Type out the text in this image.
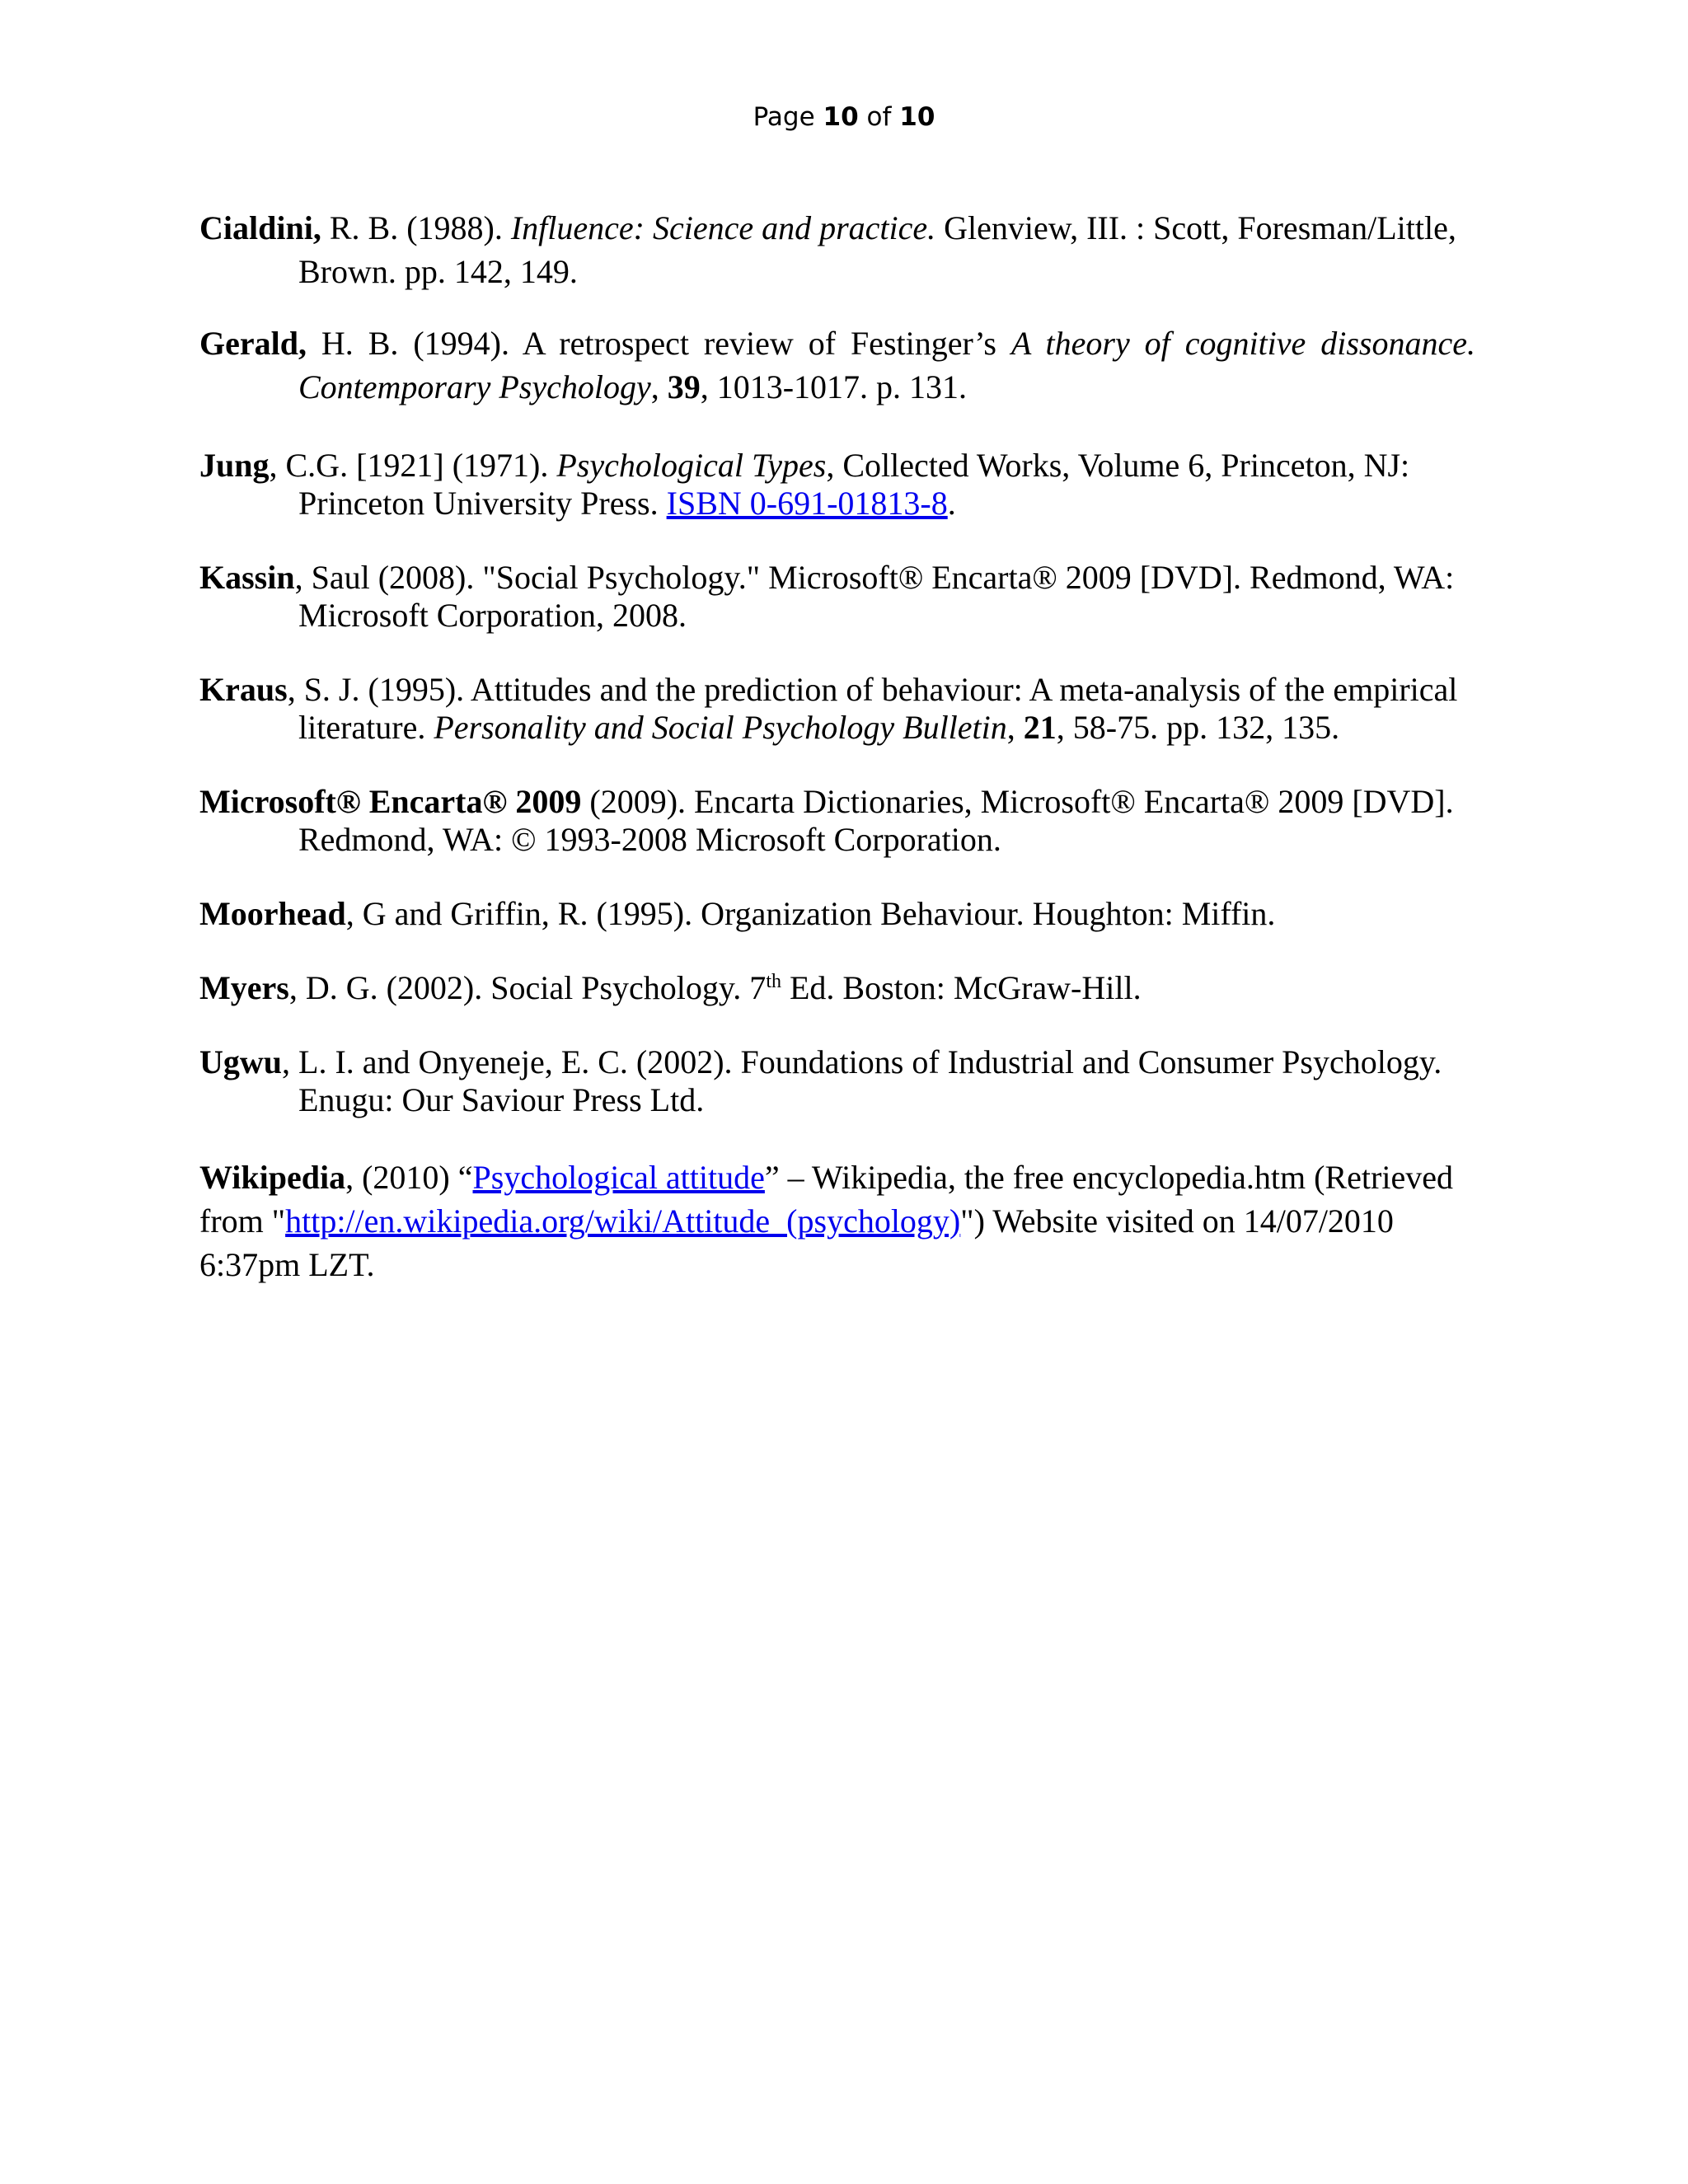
Page 10 of 10

Cialdini, R. B. (1988). Influence: Science and practice. Glenview, III. : Scott, Foresman/Little, Brown. pp. 142, 149.

Gerald, H. B. (1994). A retrospect review of Festinger’s A theory of cognitive dissonance. Contemporary Psychology, 39, 1013-1017. p. 131.

Jung, C.G. [1921] (1971). Psychological Types, Collected Works, Volume 6, Princeton, NJ: Princeton University Press. ISBN 0-691-01813-8.

Kassin, Saul (2008). "Social Psychology." Microsoft® Encarta® 2009 [DVD]. Redmond, WA: Microsoft Corporation, 2008.

Kraus, S. J. (1995). Attitudes and the prediction of behaviour: A meta-analysis of the empirical literature. Personality and Social Psychology Bulletin, 21, 58-75. pp. 132, 135.

Microsoft® Encarta® 2009 (2009). Encarta Dictionaries, Microsoft® Encarta® 2009 [DVD]. Redmond, WA: © 1993-2008 Microsoft Corporation.

Moorhead, G and Griffin, R. (1995). Organization Behaviour. Houghton: Miffin.

Myers, D. G. (2002). Social Psychology. 7th Ed. Boston: McGraw-Hill.

Ugwu, L. I. and Onyeneje, E. C. (2002). Foundations of Industrial and Consumer Psychology. Enugu: Our Saviour Press Ltd.

Wikipedia, (2010) “Psychological attitude” – Wikipedia, the free encyclopedia.htm (Retrieved from "http://en.wikipedia.org/wiki/Attitude_(psychology)") Website visited on 14/07/2010 6:37pm LZT.
